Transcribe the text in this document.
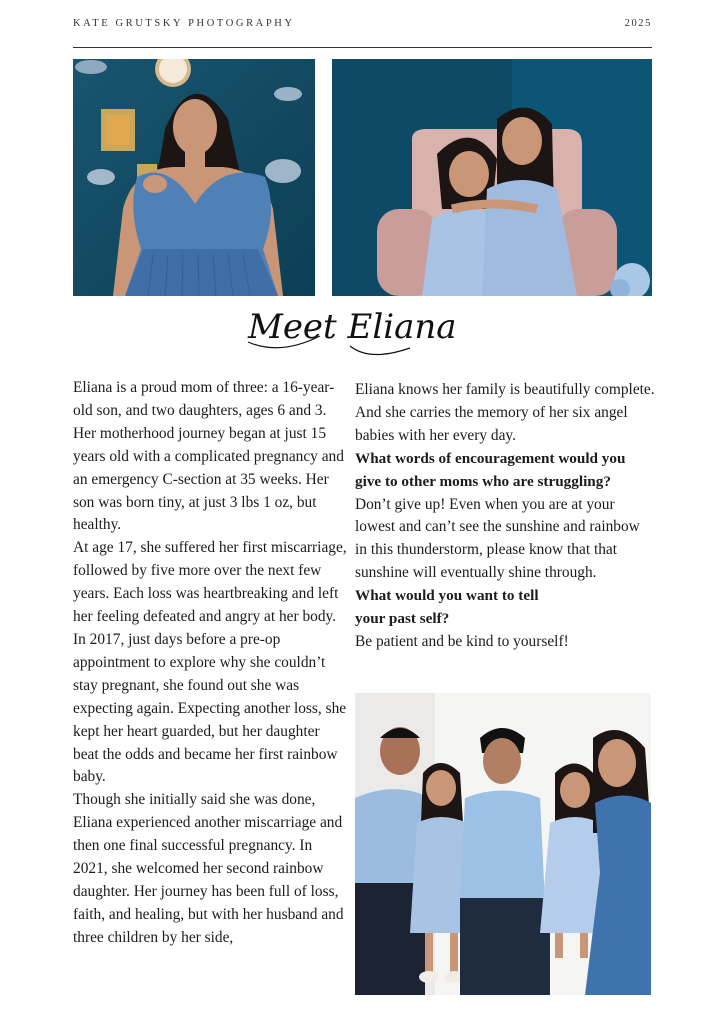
KATE GRUTSKY PHOTOGRAPHY	2025
Meet Eliana

Eliana is a proud mom of three: a 16-year-old son, and two daughters, ages 6 and 3. Her motherhood journey began at just 15 years old with a complicated pregnancy and an emergency C-section at 35 weeks. Her son was born tiny, at just 3 lbs 1 oz, but healthy.

At age 17, she suffered her first miscarriage, followed by five more over the next few years. Each loss was heartbreaking and left her feeling defeated and angry at her body. In 2017, just days before a pre-op appointment to explore why she couldn’t stay pregnant, she found out she was expecting again. Expecting another loss, she kept her heart guarded, but her daughter beat the odds and became her first rainbow baby.

Though she initially said she was done, Eliana experienced another miscarriage and then one final successful pregnancy. In 2021, she welcomed her second rainbow daughter. Her journey has been full of loss, faith, and healing, but with her husband and three children by her side,

Eliana knows her family is beautifully complete. And she carries the memory of her six angel babies with her every day.

What words of encouragement would you give to other moms who are struggling?

Don’t give up! Even when you are at your lowest and can’t see the sunshine and rainbow in this thunderstorm, please know that that sunshine will eventually shine through.

What would you want to tell

your past self?

Be patient and be kind to yourself!
